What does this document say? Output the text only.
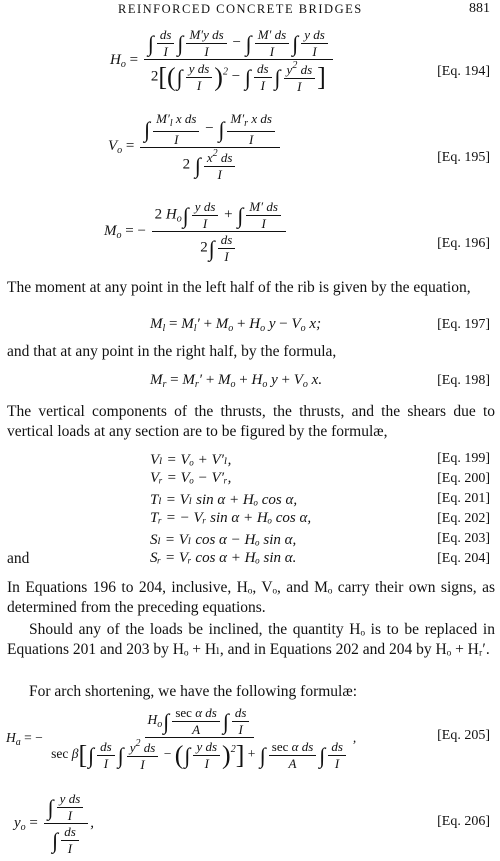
REINFORCED CONCRETE BRIDGES	881
$H_o = \frac{\int \frac{ds}{I} \int \frac{\text{M′y ds}}{I} - \int \frac{M' ds}{I} \int \frac{\text{y ds}}{I}}{2[(\int \frac{\text{y ds}}{I} )^2 - \int \frac{ds}{I} \int \frac{y^2 ds}{I} ]}$	[Eq. 194]
$V_o = \frac{\int \frac{M'_l x ds}{I} - \int \frac{M'_r x ds}{I}}{2 \int \frac{x^2 ds}{I}}$	[Eq. 195]
$M_o$ = − $\frac{2 H_o\int \frac{\text{y ds}}{I} + \int \frac{M' ds}{I}}{2\int \frac{ds}{I}}$	[Eq. 196]

The moment at any point in the left half of the rib is given by the equation,

$M_l = M_l' + M_o + H_o$ $y - V_o$ x;	[Eq. 197]

and that at any point in the right half, by the formula,

$M_r = M_r' + M_o + H_o$ $y + V_o$ x.	[Eq. 198]

The vertical components of the thrusts, the thrusts, and the shears due to vertical loads at any section are to be figured by the formulæ,

Vₗ = Vₒ + V′ₗ,	[Eq. 199]
Vᵣ = Vₒ − V′ᵣ,	[Eq. 200]
Tₗ = Vₗ sin α + Hₒ cos α,	[Eq. 201]
Tᵣ = − Vᵣ sin α + Hₒ cos α,	[Eq. 202]
Sₗ = Vₗ cos α − Hₒ sin α,	[Eq. 203]
and	Sᵣ = Vᵣ cos α + Hₒ sin α.	[Eq. 204]

In Equations 196 to 204, inclusive, Hₒ, Vₒ, and Mₒ carry their own signs, as determined from the preceding equations.

Should any of the loads be inclined, the quantity Hₒ is to be replaced in Equations 201 and 203 by Hₒ + Hₗ, and in Equations 202 and 204 by Hₒ + Hᵣ′.

For arch shortening, we have the following formulæ:

$H_a$ = − $\frac{H_o\int \frac{\text{sec α ds}}{A} \int \frac{ds}{I}}{\sec \beta[\int \frac{ds}{I} \int \frac{y^2 ds}{I} - (\int \frac{\text{y ds}}{I} )^2] + \int \frac{\text{sec α ds}}{A} \int \frac{ds}{I}}$ ,	[Eq. 205]
$y_o = \frac{\int \frac{\text{y ds}}{I}}{\int \frac{ds}{I}}$ ,	[Eq. 206]
